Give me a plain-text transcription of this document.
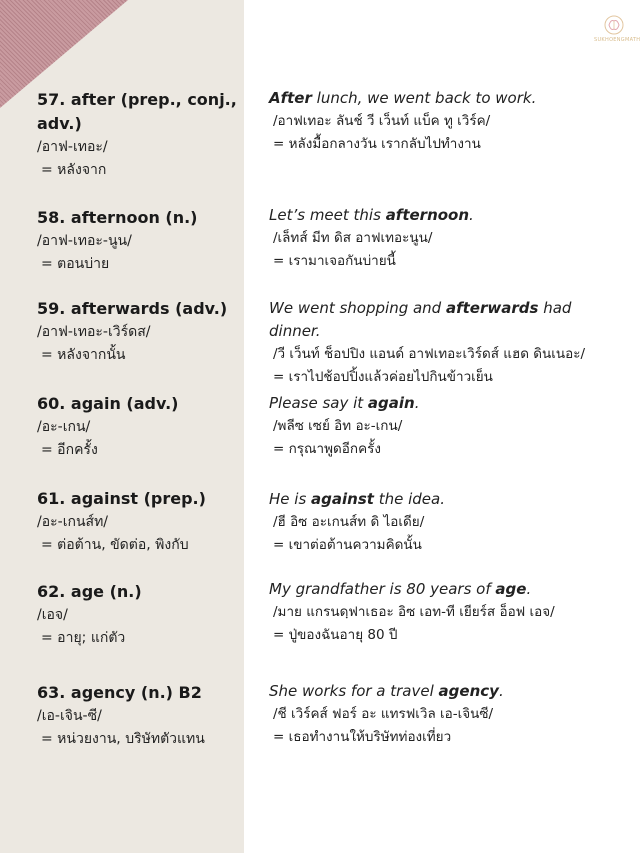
SUKHOENGMATH
57. after (prep., conj., adv.)
/อาฟ-เทอะ/
= หลังจาก
After lunch, we went back to work.
/อาฟเทอะ ลันช์ วี เว็นท์ แบ็ค ทู เวิร์ค/
= หลังมื้อกลางวัน เรากลับไปทำงาน
58. afternoon (n.)
/อาฟ-เทอะ-นูน/
= ตอนบ่าย
Let’s meet this afternoon.
/เล็ทส์ มีท ดิส อาฟเทอะนูน/
= เรามาเจอกันบ่ายนี้
59. afterwards (adv.)
/อาฟ-เทอะ-เวิร์ดส/
= หลังจากนั้น
We went shopping and afterwards had dinner.
/วี เว็นท์ ช็อปปิง แอนด์ อาฟเทอะเวิร์ดส์ แฮด ดินเนอะ/
= เราไปช้อปปิ้งแล้วค่อยไปกินข้าวเย็น
60. again (adv.)
/อะ-เกน/
= อีกครั้ง
Please say it again.
/พลีซ เซย์ อิท อะ-เกน/
= กรุณาพูดอีกครั้ง
61. against (prep.)
/อะ-เกนส์ท/
= ต่อต้าน, ขัดต่อ, พิงกับ
He is against the idea.
/ฮี อิซ อะเกนส์ท ดิ ไอเดีย/
= เขาต่อต้านความคิดนั้น
62. age (n.)
/เอจ/
= อายุ; แก่ตัว
My grandfather is 80 years of age.
/มาย แกรนดฺฟาเธอะ อิซ เอท-ที เยียร์ส อ็อฟ เอจ/
= ปู่ของฉันอายุ 80 ปี
63. agency (n.) B2
/เอ-เจิน-ซี/
= หน่วยงาน, บริษัทตัวแทน
She works for a travel agency.
/ชี เวิร์คส์ ฟอร์ อะ แทรฟเวิล เอ-เจินซี/
= เธอทำงานให้บริษัทท่องเที่ยว
